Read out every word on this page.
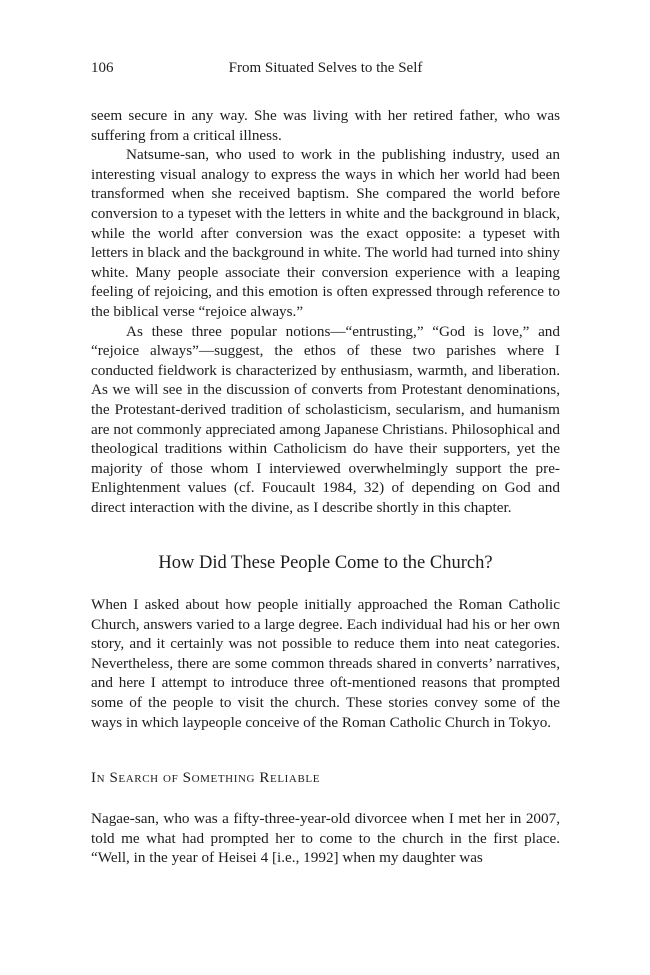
106	From Situated Selves to the Self

seem secure in any way. She was living with her retired father, who was suffering from a critical illness.

Natsume-san, who used to work in the publishing industry, used an interesting visual analogy to express the ways in which her world had been transformed when she received baptism. She compared the world before conversion to a typeset with the letters in white and the background in black, while the world after conversion was the exact opposite: a typeset with letters in black and the background in white. The world had turned into shiny white. Many people associate their conversion experience with a leaping feeling of rejoicing, and this emotion is often expressed through reference to the biblical verse “rejoice always.”

As these three popular notions—“entrusting,” “God is love,” and “rejoice always”—suggest, the ethos of these two parishes where I conducted fieldwork is characterized by enthusiasm, warmth, and liberation. As we will see in the discussion of converts from Protestant denominations, the Protestant-derived tradition of scholasticism, secularism, and humanism are not commonly appreciated among Japanese Christians. Philosophical and theological traditions within Catholicism do have their supporters, yet the majority of those whom I interviewed overwhelmingly support the pre-Enlightenment values (cf. Foucault 1984, 32) of depending on God and direct interaction with the divine, as I describe shortly in this chapter.

How Did These People Come to the Church?

When I asked about how people initially approached the Roman Catholic Church, answers varied to a large degree. Each individual had his or her own story, and it certainly was not possible to reduce them into neat categories. Nevertheless, there are some common threads shared in converts’ narratives, and here I attempt to introduce three oft-mentioned reasons that prompted some of the people to visit the church. These stories convey some of the ways in which laypeople conceive of the Roman Catholic Church in Tokyo.

In Search of Something Reliable

Nagae-san, who was a fifty-three-year-old divorcee when I met her in 2007, told me what had prompted her to come to the church in the first place. “Well, in the year of Heisei 4 [i.e., 1992] when my daughter was
